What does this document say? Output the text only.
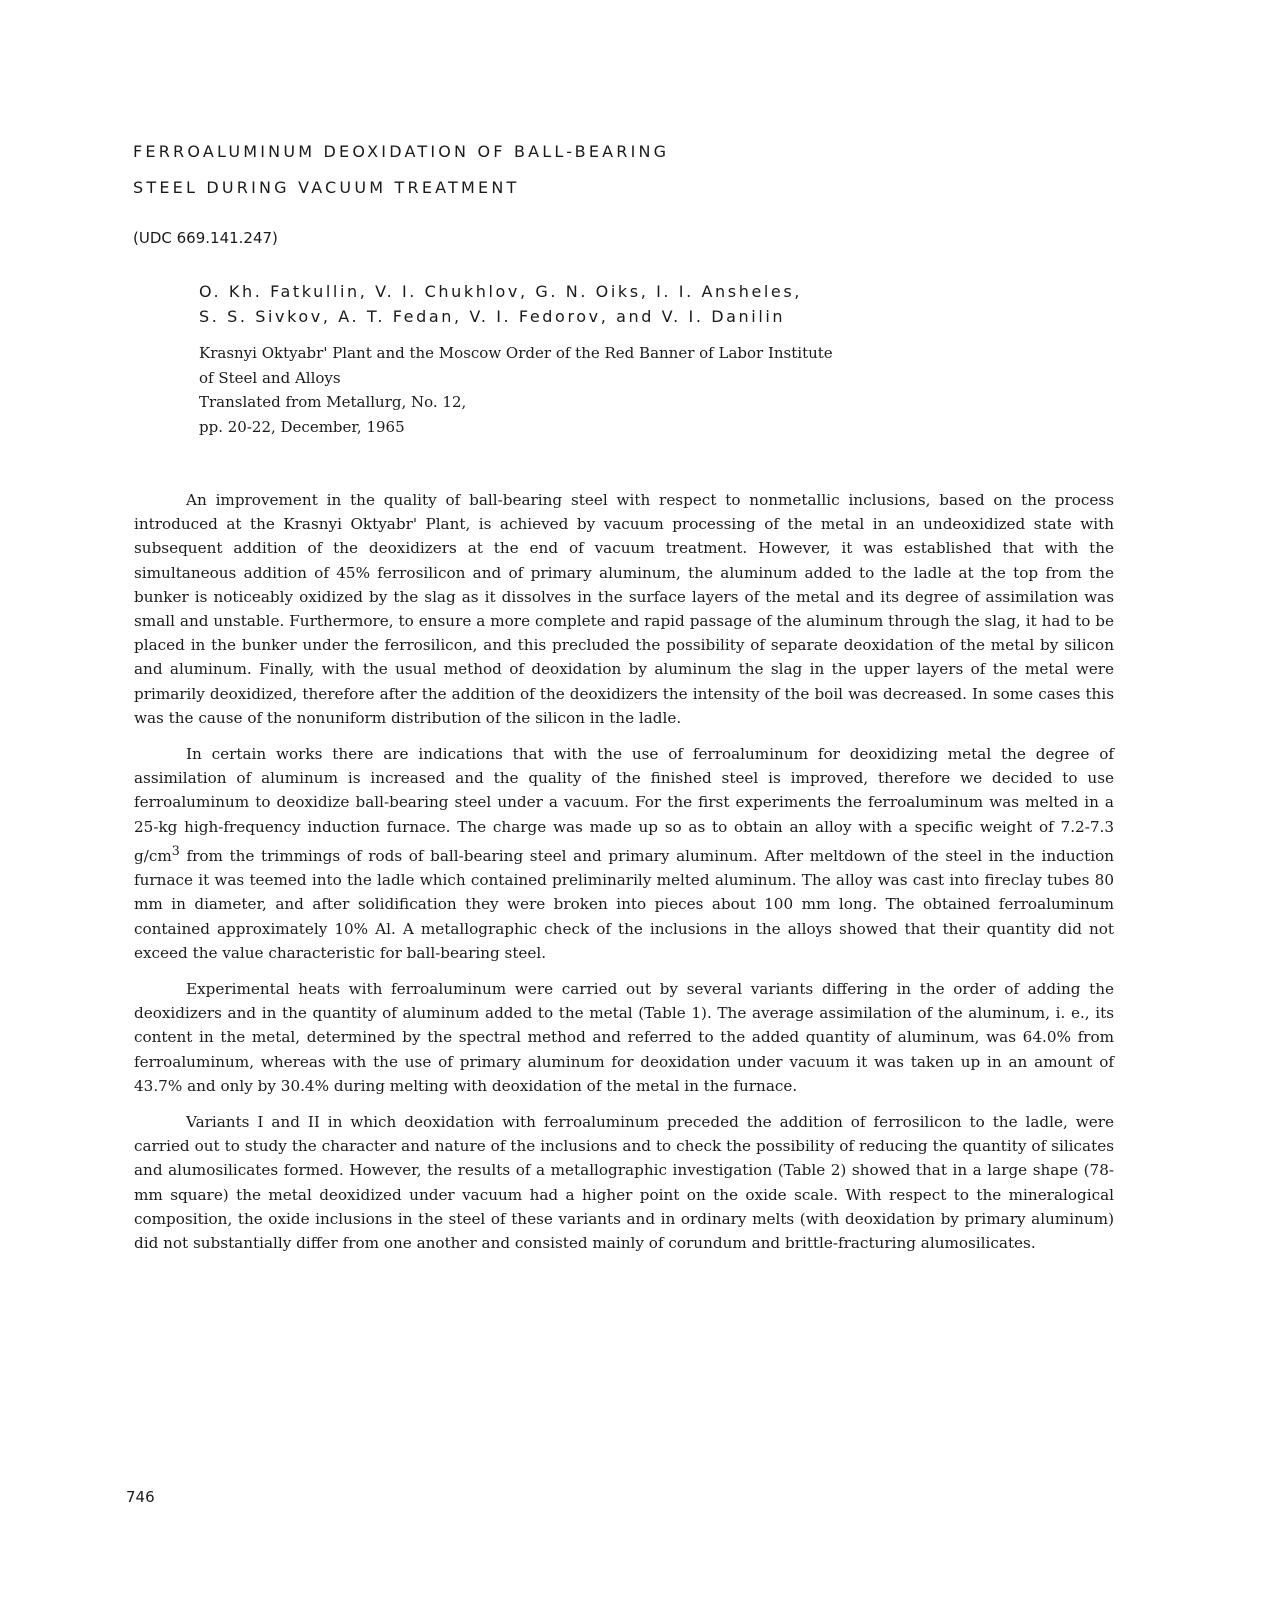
FERROALUMINUM DEOXIDATION OF BALL-BEARING
STEEL DURING VACUUM TREATMENT
(UDC 669.141.247)
O. Kh. Fatkullin, V. I. Chukhlov, G. N. Oiks, I. I. Ansheles,
S. S. Sivkov, A. T. Fedan, V. I. Fedorov, and V. I. Danilin
Krasnyi Oktyabr' Plant and the Moscow Order of the Red Banner of Labor Institute
of Steel and Alloys
Translated from Metallurg, No. 12,
pp. 20-22, December, 1965

An improvement in the quality of ball-bearing steel with respect to nonmetallic inclusions, based on the process introduced at the Krasnyi Oktyabr' Plant, is achieved by vacuum processing of the metal in an undeoxidized state with subsequent addition of the deoxidizers at the end of vacuum treatment. However, it was established that with the simultaneous addition of 45% ferrosilicon and of primary aluminum, the aluminum added to the ladle at the top from the bunker is noticeably oxidized by the slag as it dissolves in the surface layers of the metal and its degree of assimilation was small and unstable. Furthermore, to ensure a more complete and rapid passage of the aluminum through the slag, it had to be placed in the bunker under the ferrosilicon, and this precluded the possibility of separate deoxidation of the metal by silicon and aluminum. Finally, with the usual method of deoxidation by aluminum the slag in the upper layers of the metal were primarily deoxidized, therefore after the addition of the deoxidizers the intensity of the boil was decreased. In some cases this was the cause of the nonuniform distribution of the silicon in the ladle.

In certain works there are indications that with the use of ferroaluminum for deoxidizing metal the degree of assimilation of aluminum is increased and the quality of the finished steel is improved, therefore we decided to use ferroaluminum to deoxidize ball-bearing steel under a vacuum. For the first experiments the ferroaluminum was melted in a 25-kg high-frequency induction furnace. The charge was made up so as to obtain an alloy with a specific weight of 7.2-7.3 $g/cm^3$ from the trimmings of rods of ball-bearing steel and primary aluminum. After meltdown of the steel in the induction furnace it was teemed into the ladle which contained preliminarily melted aluminum. The alloy was cast into fireclay tubes 80 mm in diameter, and after solidification they were broken into pieces about 100 mm long. The obtained ferroaluminum contained approximately 10% Al. A metallographic check of the inclusions in the alloys showed that their quantity did not exceed the value characteristic for ball-bearing steel.

Experimental heats with ferroaluminum were carried out by several variants differing in the order of adding the deoxidizers and in the quantity of aluminum added to the metal (Table 1). The average assimilation of the aluminum, i. e., its content in the metal, determined by the spectral method and referred to the added quantity of aluminum, was 64.0% from ferroaluminum, whereas with the use of primary aluminum for deoxidation under vacuum it was taken up in an amount of 43.7% and only by 30.4% during melting with deoxidation of the metal in the furnace.

Variants I and II in which deoxidation with ferroaluminum preceded the addition of ferrosilicon to the ladle, were carried out to study the character and nature of the inclusions and to check the possibility of reducing the quantity of silicates and alumosilicates formed. However, the results of a metallographic investigation (Table 2) showed that in a large shape (78-mm square) the metal deoxidized under vacuum had a higher point on the oxide scale. With respect to the mineralogical composition, the oxide inclusions in the steel of these variants and in ordinary melts (with deoxidation by primary aluminum) did not substantially differ from one another and consisted mainly of corundum and brittle-fracturing alumosilicates.

746
